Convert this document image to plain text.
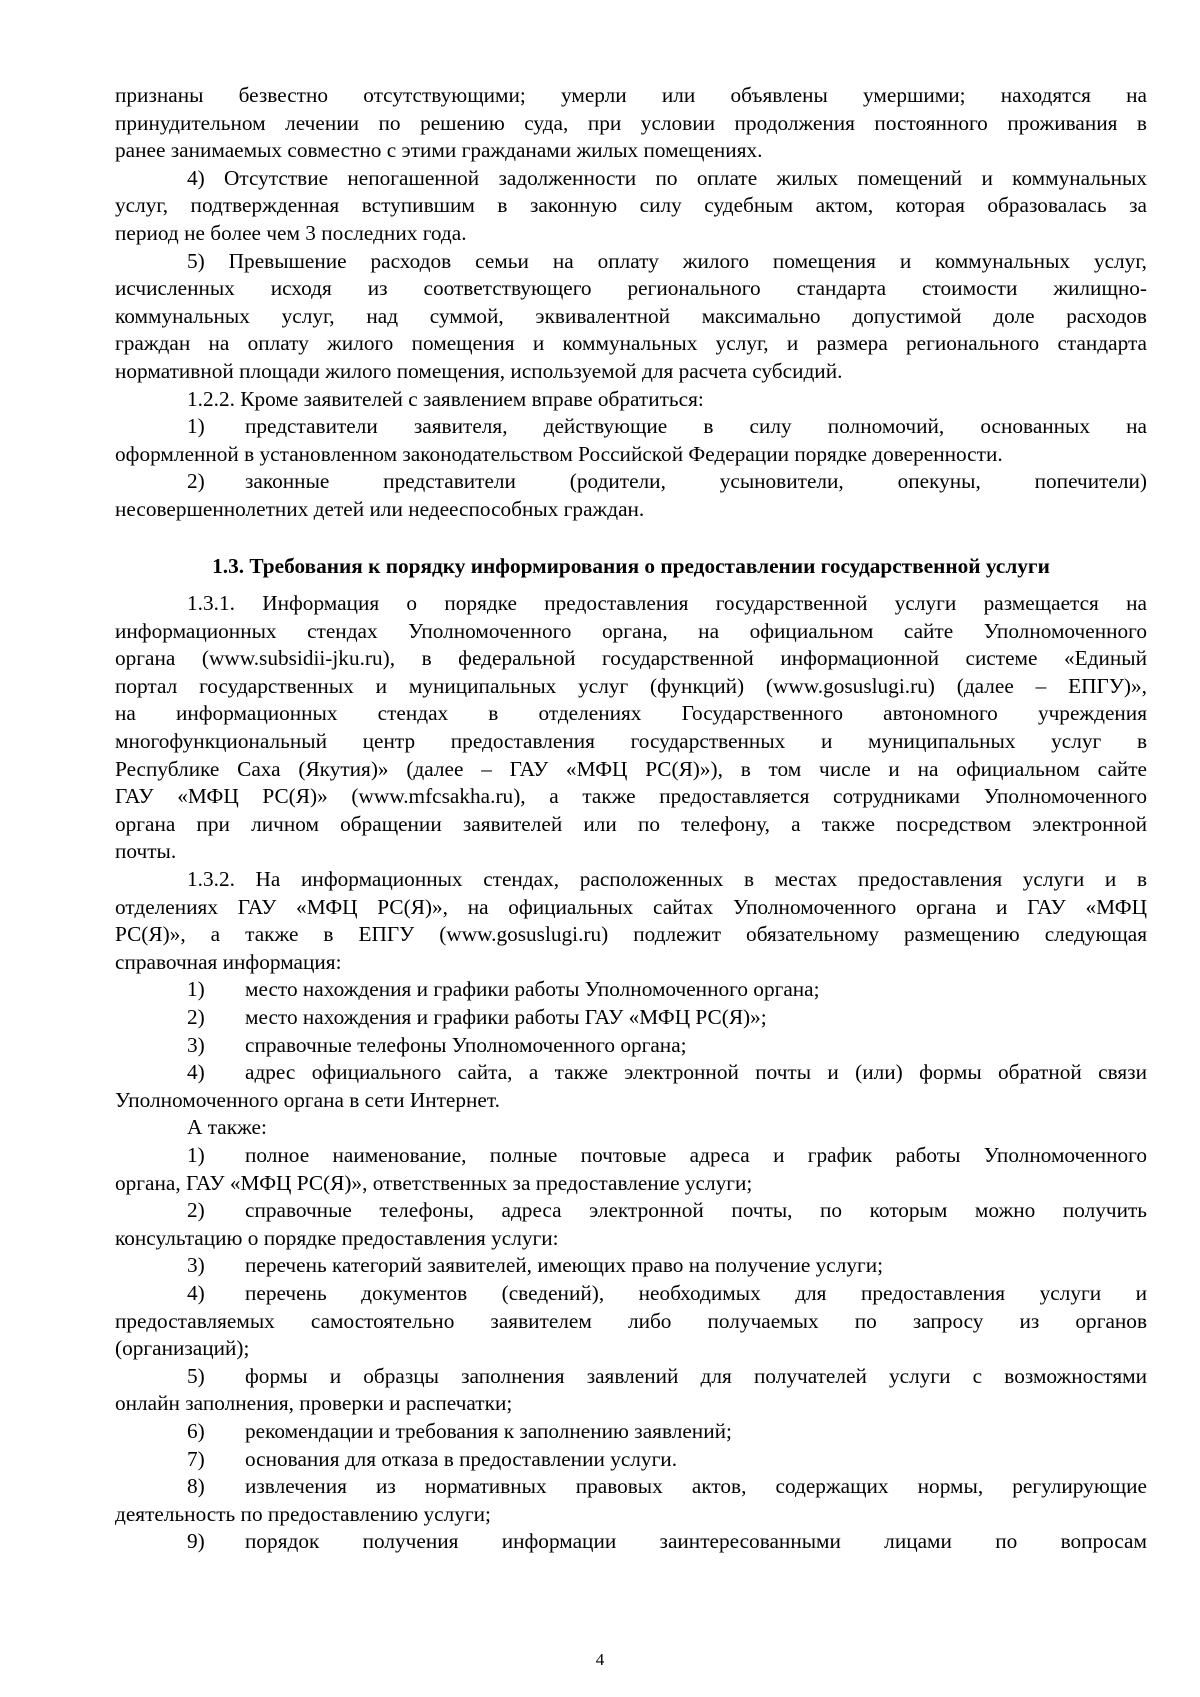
признаны безвестно отсутствующими; умерли или объявлены умершими; находятся на

принудительном лечении по решению суда, при условии продолжения постоянного проживания в

ранее занимаемых совместно с этими гражданами жилых помещениях.

4) Отсутствие непогашенной задолженности по оплате жилых помещений и коммунальных

услуг, подтвержденная вступившим в законную силу судебным актом, которая образовалась за

период не более чем 3 последних года.

5) Превышение расходов семьи на оплату жилого помещения и коммунальных услуг,

исчисленных исходя из соответствующего регионального стандарта стоимости жилищно-

коммунальных услуг, над суммой, эквивалентной максимально допустимой доле расходов

граждан на оплату жилого помещения и коммунальных услуг, и размера регионального стандарта

нормативной площади жилого помещения, используемой для расчета субсидий.

1.2.2. Кроме заявителей с заявлением вправе обратиться:

1)	представители заявителя, действующие в силу полномочий, основанных на

оформленной в установленном законодательством Российской Федерации порядке доверенности.

2)	законные представители (родители, усыновители, опекуны, попечители)

несовершеннолетних детей или недееспособных граждан.

1.3. Требования к порядку информирования о предоставлении государственной услуги

1.3.1. Информация о порядке предоставления государственной услуги размещается на

информационных стендах Уполномоченного органа, на официальном сайте Уполномоченного

органа (www.subsidii-jku.ru), в федеральной государственной информационной системе «Единый

портал государственных и муниципальных услуг (функций) (www.gosuslugi.ru) (далее – ЕПГУ)»,

на информационных стендах в отделениях Государственного автономного учреждения

многофункциональный центр предоставления государственных и муниципальных услуг в

Республике Саха (Якутия)» (далее – ГАУ «МФЦ РС(Я)»), в том числе и на официальном сайте

ГАУ «МФЦ РС(Я)» (www.mfcsakha.ru), а также предоставляется сотрудниками Уполномоченного

органа при личном обращении заявителей или по телефону, а также посредством электронной

почты.

1.3.2. На информационных стендах, расположенных в местах предоставления услуги и в

отделениях ГАУ «МФЦ РС(Я)», на официальных сайтах Уполномоченного органа и ГАУ «МФЦ

РС(Я)», а также в ЕПГУ (www.gosuslugi.ru) подлежит обязательному размещению следующая

справочная информация:

1)	место нахождения и графики работы Уполномоченного органа;
2)	место нахождения и графики работы ГАУ «МФЦ РС(Я)»;
3)	справочные телефоны Уполномоченного органа;
4)	адрес официального сайта, а также электронной почты и (или) формы обратной связи

Уполномоченного органа в сети Интернет.

А также:

1)	полное наименование, полные почтовые адреса и график работы Уполномоченного

органа, ГАУ «МФЦ РС(Я)», ответственных за предоставление услуги;

2)	справочные телефоны, адреса электронной почты, по которым можно получить

консультацию о порядке предоставления услуги:

3)	перечень категорий заявителей, имеющих право на получение услуги;
4)	перечень документов (сведений), необходимых для предоставления услуги и

предоставляемых самостоятельно заявителем либо получаемых по запросу из органов

(организаций);

5)	формы и образцы заполнения заявлений для получателей услуги с возможностями

онлайн заполнения, проверки и распечатки;

6)	рекомендации и требования к заполнению заявлений;
7)	основания для отказа в предоставлении услуги.
8)	извлечения из нормативных правовых актов, содержащих нормы, регулирующие

деятельность по предоставлению услуги;

9)	порядок получения информации заинтересованными лицами по вопросам

4
